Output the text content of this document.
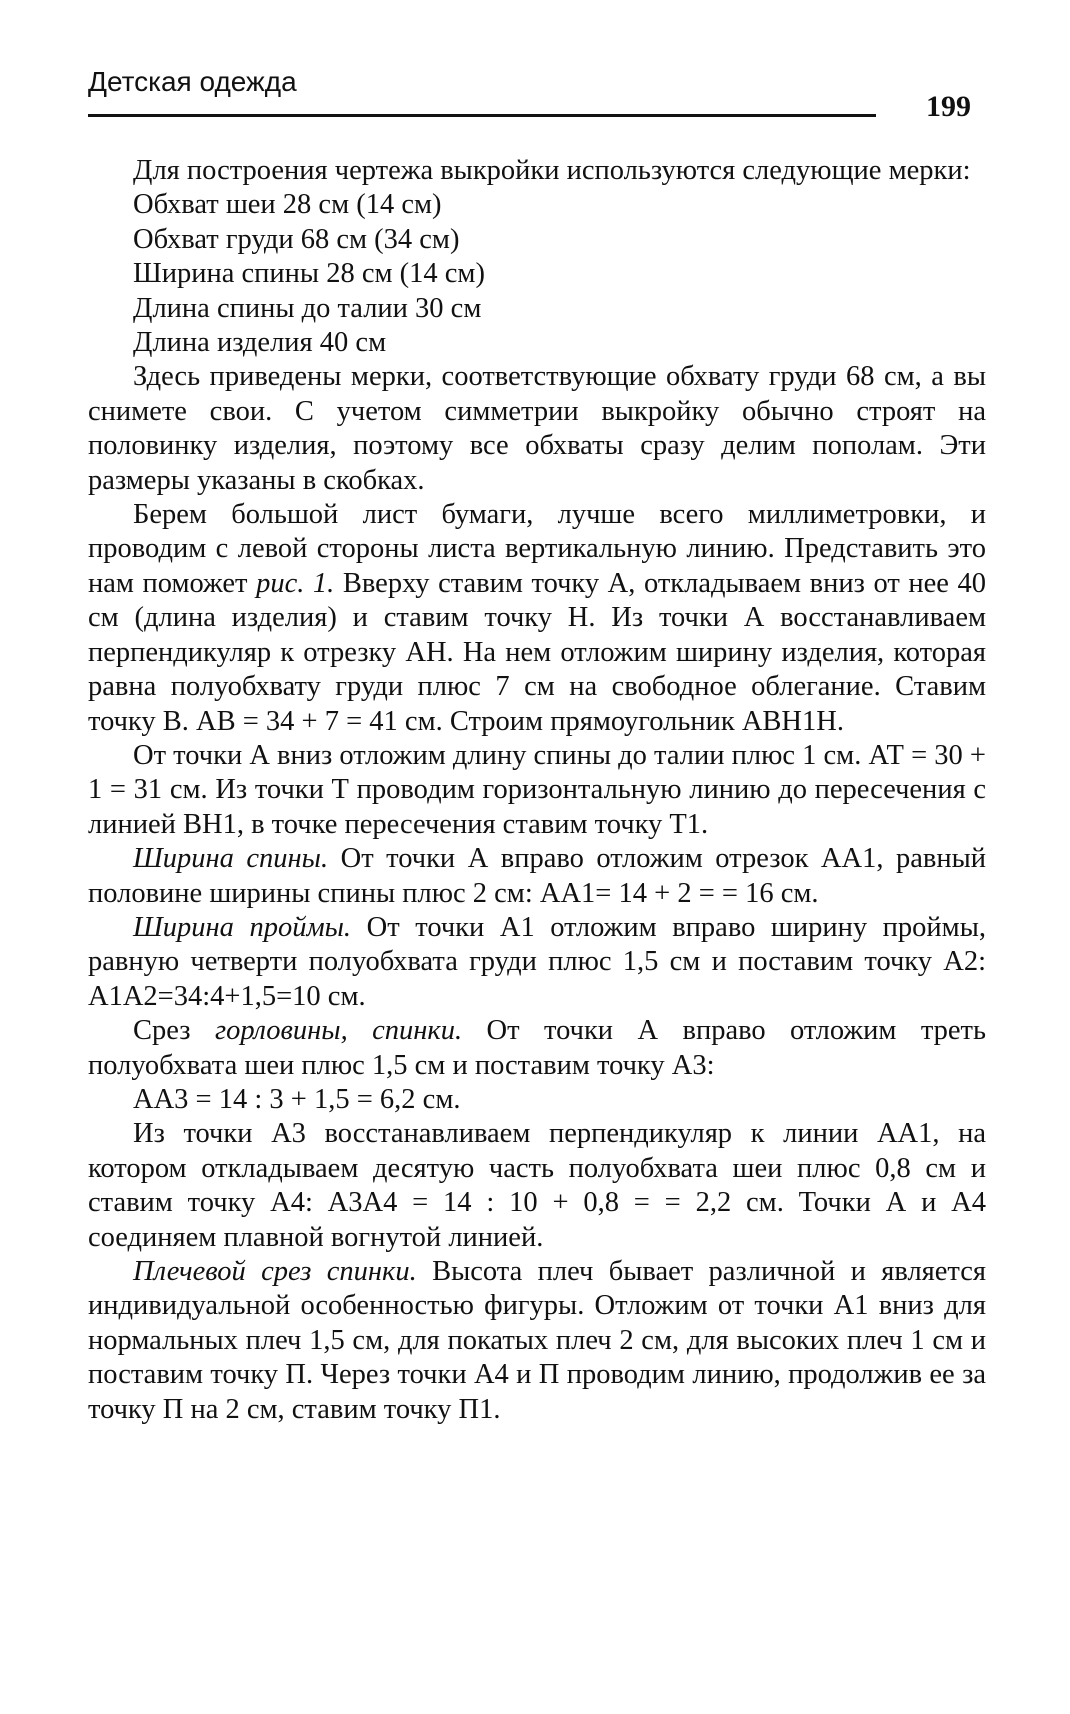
Детская одежда
199

Для построения чертежа выкройки используются следующие мерки:

Обхват шеи 28 см (14 см)

Обхват груди 68 см (34 см)

Ширина спины 28 см (14 см)

Длина спины до талии 30 см

Длина изделия 40 см

Здесь приведены мерки, соответствующие обхвату груди 68 см, а вы снимете свои. С учетом симметрии выкройку обычно строят на половинку изделия, поэтому все обхваты сразу делим пополам. Эти размеры указаны в скобках.

Берем большой лист бумаги, лучше всего миллиметровки, и проводим с левой стороны листа вертикальную линию. Представить это нам поможет рис. 1. Вверху ставим точку А, откладываем вниз от нее 40 см (длина изделия) и ставим точку Н. Из точки А восстанавливаем перпендикуляр к отрезку АН. На нем отложим ширину изделия, которая равна полуобхвату груди плюс 7 см на свободное облегание. Ставим точку В. АВ = 34 + 7 = 41 см. Строим прямоугольник АВН1Н.

От точки А вниз отложим длину спины до талии плюс 1 см. АТ = 30 + 1 = 31 см. Из точки Т проводим горизонтальную линию до пересечения с линией ВН1, в точке пересечения ставим точку Т1.

Ширина спины. От точки А вправо отложим отрезок АА1, равный половине ширины спины плюс 2 см: АА1= 14 + 2 = = 16 см.

Ширина проймы. От точки А1 отложим вправо ширину проймы, равную четверти полуобхвата груди плюс 1,5 см и поставим точку А2: А1А2=34:4+1,5=10 см.

Срез горловины, спинки. От точки А вправо отложим треть полуобхвата шеи плюс 1,5 см и поставим точку А3:

АА3 = 14 : 3 + 1,5 = 6,2 см.

Из точки А3 восстанавливаем перпендикуляр к линии АА1, на котором откладываем десятую часть полуобхвата шеи плюс 0,8 см и ставим точку А4: А3А4 = 14 : 10 + 0,8 = = 2,2 см. Точки А и А4 соединяем плавной вогнутой линией.

Плечевой срез спинки. Высота плеч бывает различной и является индивидуальной особенностью фигуры. Отложим от точки А1 вниз для нормальных плеч 1,5 см, для покатых плеч 2 см, для высоких плеч 1 см и поставим точку П. Через точки А4 и П проводим линию, продолжив ее за точку П на 2 см, ставим точку П1.
